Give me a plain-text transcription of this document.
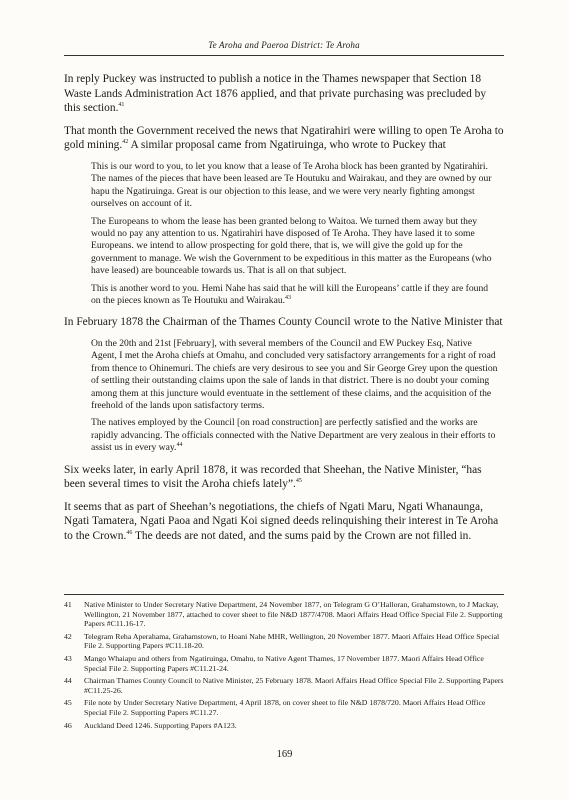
Te Aroha and Paeroa District: Te Aroha

In reply Puckey was instructed to publish a notice in the Thames newspaper that Section 18 Waste Lands Administration Act 1876 applied, and that private purchasing was precluded by this section.$^{41}$

That month the Government received the news that Ngatirahiri were willing to open Te Aroha to gold mining.$^{42}$ A similar proposal came from Ngatiruinga, who wrote to Puckey that

This is our word to you, to let you know that a lease of Te Aroha block has been granted by Ngatirahiri. The names of the pieces that have been leased are Te Houtuku and Wairakau, and they are owned by our hapu the Ngatiruinga. Great is our objection to this lease, and we were very nearly fighting amongst ourselves on account of it.

The Europeans to whom the lease has been granted belong to Waitoa. We turned them away but they would no pay any attention to us. Ngatirahiri have disposed of Te Aroha. They have lased it to some Europeans. we intend to allow prospecting for gold there, that is, we will give the gold up for the government to manage. We wish the Government to be expeditious in this matter as the Europeans (who have leased) are bounceable towards us. That is all on that subject.

This is another word to you. Hemi Nahe has said that he will kill the Europeans’ cattle if they are found on the pieces known as Te Houtuku and Wairakau.$^{43}$

In February 1878 the Chairman of the Thames County Council wrote to the Native Minister that

On the 20th and 21st [February], with several members of the Council and EW Puckey Esq, Native Agent, I met the Aroha chiefs at Omahu, and concluded very satisfactory arrangements for a right of road from thence to Ohinemuri. The chiefs are very desirous to see you and Sir George Grey upon the question of settling their outstanding claims upon the sale of lands in that district. There is no doubt your coming among them at this juncture would eventuate in the settlement of these claims, and the acquisition of the freehold of the lands upon satisfactory terms.

The natives employed by the Council [on road construction] are perfectly satisfied and the works are rapidly advancing. The officials connected with the Native Department are very zealous in their efforts to assist us in every way.$^{44}$

Six weeks later, in early April 1878, it was recorded that Sheehan, the Native Minister, “has been several times to visit the Aroha chiefs lately”.$^{45}$

It seems that as part of Sheehan’s negotiations, the chiefs of Ngati Maru, Ngati Whanaunga, Ngati Tamatera, Ngati Paoa and Ngati Koi signed deeds relinquishing their interest in Te Aroha to the Crown.$^{46}$ The deeds are not dated, and the sums paid by the Crown are not filled in.

41	Native Minister to Under Secretary Native Department, 24 November 1877, on Telegram G O’Halloran, Grahamstown, to J Mackay, Wellington, 21 November 1877, attached to cover sheet to file N&D 1877/4708. Maori Affairs Head Office Special File 2. Supporting Papers #C11.16-17.
42	Telegram Reha Aperahama, Grahamstown, to Hoani Nahe MHR, Wellington, 20 November 1877. Maori Affairs Head Office Special File 2. Supporting Papers #C11.18-20.
43	Mango Whaiapu and others from Ngatiruinga, Omahu, to Native Agent Thames, 17 November 1877. Maori Affairs Head Office Special File 2. Supporting Papers #C11.21-24.
44	Chairman Thames County Council to Native Minister, 25 February 1878. Maori Affairs Head Office Special File 2. Supporting Papers #C11.25-26.
45	File note by Under Secretary Native Department, 4 April 1878, on cover sheet to file N&D 1878/720. Maori Affairs Head Office Special File 2. Supporting Papers #C11.27.
46	Auckland Deed 1246. Supporting Papers #A123.
169
